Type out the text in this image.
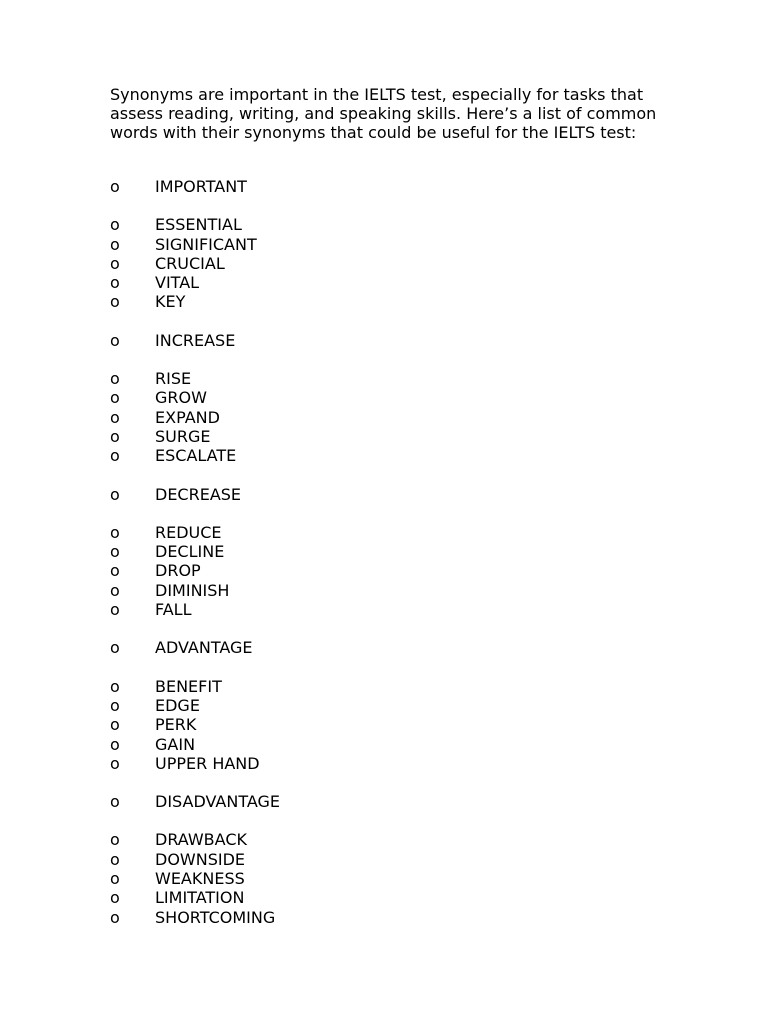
Synonyms are important in the IELTS test, especially for tasks that assess reading, writing, and speaking skills. Here’s a list of common words with their synonyms that could be useful for the IELTS test:

o	IMPORTANT
o	ESSENTIAL
o	SIGNIFICANT
o	CRUCIAL
o	VITAL
o	KEY
o	INCREASE
o	RISE
o	GROW
o	EXPAND
o	SURGE
o	ESCALATE
o	DECREASE
o	REDUCE
o	DECLINE
o	DROP
o	DIMINISH
o	FALL
o	ADVANTAGE
o	BENEFIT
o	EDGE
o	PERK
o	GAIN
o	UPPER HAND
o	DISADVANTAGE
o	DRAWBACK
o	DOWNSIDE
o	WEAKNESS
o	LIMITATION
o	SHORTCOMING
